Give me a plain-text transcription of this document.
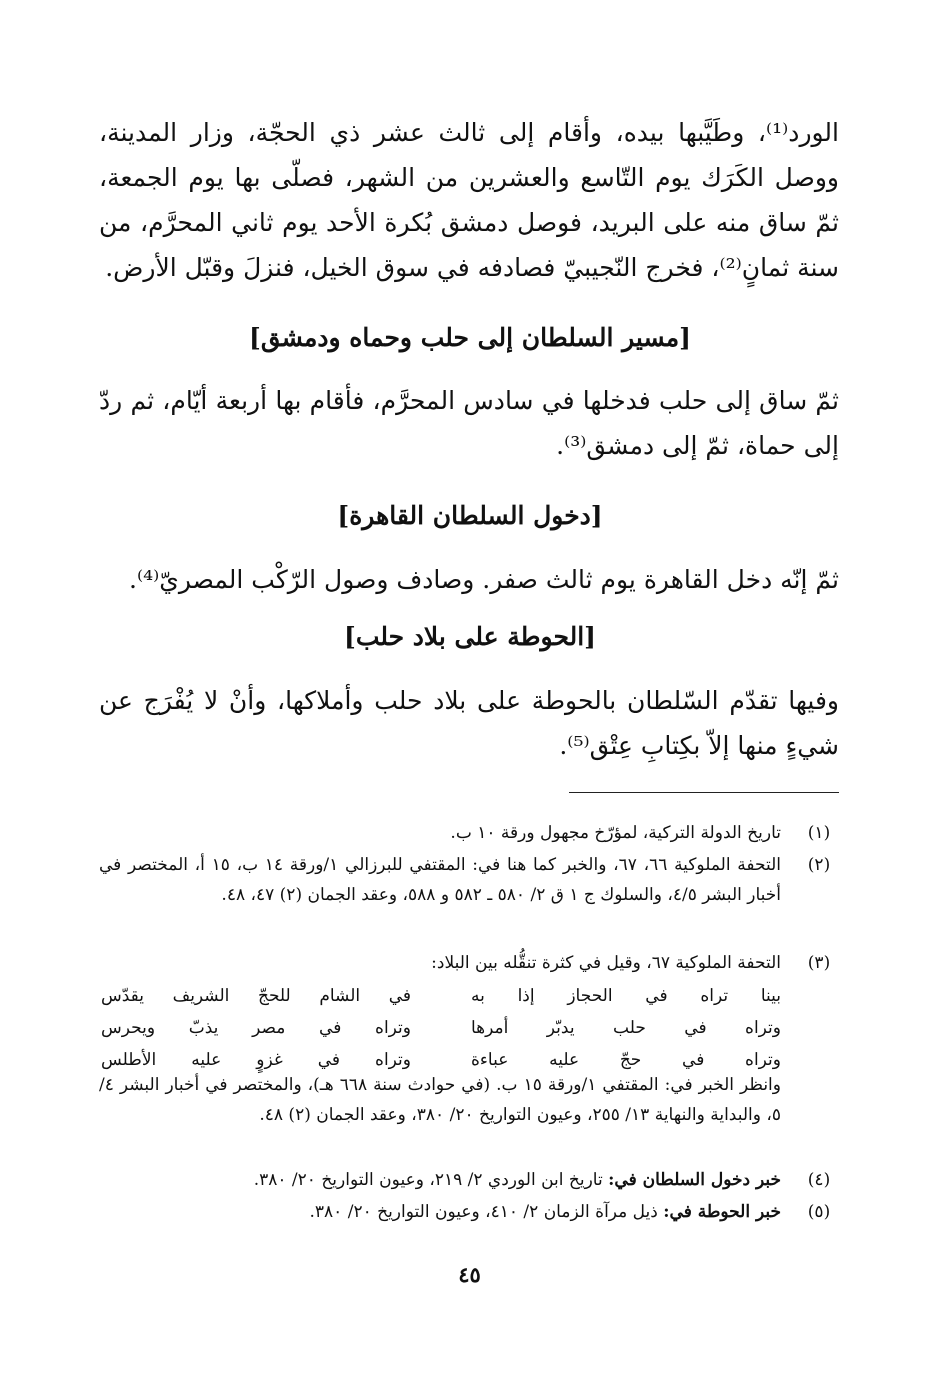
الورد⁽¹⁾، وطَيَّبها بيده، وأقام إلى ثالث عشر ذي الحجّة، وزار المدينة، ووصل الكَرَك يوم التّاسع والعشرين من الشهر، فصلّى بها يوم الجمعة، ثمّ ساق منه على البريد، فوصل دمشق بُكرة الأحد يوم ثاني المحرَّم، من سنة ثمانٍ⁽²⁾، فخرج النّجيبيّ فصادفه في سوق الخيل، فنزلَ وقبّل الأرض.
[مسير السلطان إلى حلب وحماه ودمشق]
ثمّ ساق إلى حلب فدخلها في سادس المحرَّم، فأقام بها أربعة أيّام، ثم ردّ إلى حماة، ثمّ إلى دمشق⁽³⁾.
[دخول السلطان القاهرة]
ثمّ إنّه دخل القاهرة يوم ثالث صفر. وصادف وصول الرّكْب المصريّ⁽⁴⁾.
[الحوطة على بلاد حلب]
وفيها تقدّم السّلطان بالحوطة على بلاد حلب وأملاكها، وأنْ لا يُفْرَج عن شيءٍ منها إلاّ بكِتابِ عِتْق⁽⁵⁾.
(١)
تاريخ الدولة التركية، لمؤرّخ مجهول ورقة ١٠ ب.
(٢)
التحفة الملوكية ٦٦، ٦٧، والخبر كما هنا في: المقتفي للبرزالي ١/ورقة ١٤ ب، ١٥ أ، المختصر في أخبار البشر ٤/٥، والسلوك ج ١ ق ٢/ ٥٨٠ ـ ٥٨٢ و ٥٨٨، وعقد الجمان (٢) ٤٧، ٤٨.
(٣)
التحفة الملوكية ٦٧، وقيل في كثرة تنقُّله بين البلاد:
بينا تراه في الحجاز إذا به
في الشام للحجّ الشريف يقدّس
وتراه في حلب يدبّر أمرها
وتراه في مصر يذبّ ويحرس
وتراه في حجّ عليه عباءة
وتراه في غزوٍ عليه الأطلس
وانظر الخبر في: المقتفي ١/ورقة ١٥ ب. (في حوادث سنة ٦٦٨ هـ)، والمختصر في أخبار البشر ٤/ ٥، والبداية والنهاية ١٣/ ٢٥٥، وعيون التواريخ ٢٠/ ٣٨٠، وعقد الجمان (٢) ٤٨.
(٤)
خبر دخول السلطان في: تاريخ ابن الوردي ٢/ ٢١٩، وعيون التواريخ ٢٠/ ٣٨٠.
(٥)
خبر الحوطة في: ذيل مرآة الزمان ٢/ ٤١٠، وعيون التواريخ ٢٠/ ٣٨٠.
٤٥
